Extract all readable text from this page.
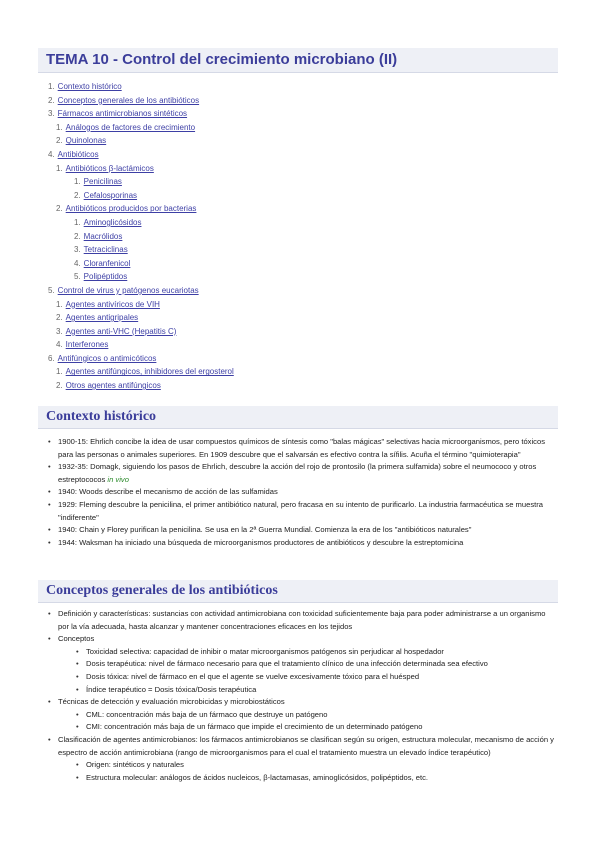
TEMA 10 - Control del crecimiento microbiano (II)
1. Contexto histórico
2. Conceptos generales de los antibióticos
3. Fármacos antimicrobianos sintéticos
1. Análogos de factores de crecimiento
2. Quinolonas
4. Antibióticos
1. Antibióticos β-lactámicos
1. Penicilinas
2. Cefalosporinas
2. Antibióticos producidos por bacterias
1. Aminoglicósidos
2. Macrólidos
3. Tetraciclinas
4. Cloranfenicol
5. Polipéptidos
5. Control de virus y patógenos eucariotas
1. Agentes antivíricos de VIH
2. Agentes antigripales
3. Agentes anti-VHC (Hepatitis C)
4. Interferones
6. Antifúngicos o antimicóticos
1. Agentes antifúngicos, inhibidores del ergosterol
2. Otros agentes antifúngicos
Contexto histórico
• 1900-15: Ehrlich concibe la idea de usar compuestos químicos de síntesis como "balas mágicas" selectivas hacia microorganismos, pero tóxicos para las personas o animales superiores. En 1909 descubre que el salvarsán es efectivo contra la sífilis. Acuña el término "quimioterapia"
• 1932-35: Domagk, siguiendo los pasos de Ehrlich, descubre la acción del rojo de prontosilo (la primera sulfamida) sobre el neumococo y otros estreptococos in vivo
• 1940: Woods describe el mecanismo de acción de las sulfamidas
• 1929: Fleming descubre la penicilina, el primer antibiótico natural, pero fracasa en su intento de purificarlo. La industria farmacéutica se muestra "indiferente"
• 1940: Chain y Florey purifican la penicilina. Se usa en la 2ª Guerra Mundial. Comienza la era de los "antibióticos naturales"
• 1944: Waksman ha iniciado una búsqueda de microorganismos productores de antibióticos y descubre la estreptomicina
Conceptos generales de los antibióticos
• Definición y características: sustancias con actividad antimicrobiana con toxicidad suficientemente baja para poder administrarse a un organismo por la vía adecuada, hasta alcanzar y mantener concentraciones eficaces en los tejidos
• Conceptos
• Toxicidad selectiva: capacidad de inhibir o matar microorganismos patógenos sin perjudicar al hospedador
• Dosis terapéutica: nivel de fármaco necesario para que el tratamiento clínico de una infección determinada sea efectivo
• Dosis tóxica: nivel de fármaco en el que el agente se vuelve excesivamente tóxico para el huésped
• Índice terapéutico = Dosis tóxica/Dosis terapéutica
• Técnicas de detección y evaluación microbicidas y microbiostáticos
• CML: concentración más baja de un fármaco que destruye un patógeno
• CMI: concentración más baja de un fármaco que impide el crecimiento de un determinado patógeno
• Clasificación de agentes antimicrobianos: los fármacos antimicrobianos se clasifican según su origen, estructura molecular, mecanismo de acción y espectro de acción antimicrobiana (rango de microorganismos para el cual el tratamiento muestra un elevado índice terapéutico)
• Origen: sintéticos y naturales
• Estructura molecular: análogos de ácidos nucleicos, β-lactamasas, aminoglicósidos, polipéptidos, etc.
